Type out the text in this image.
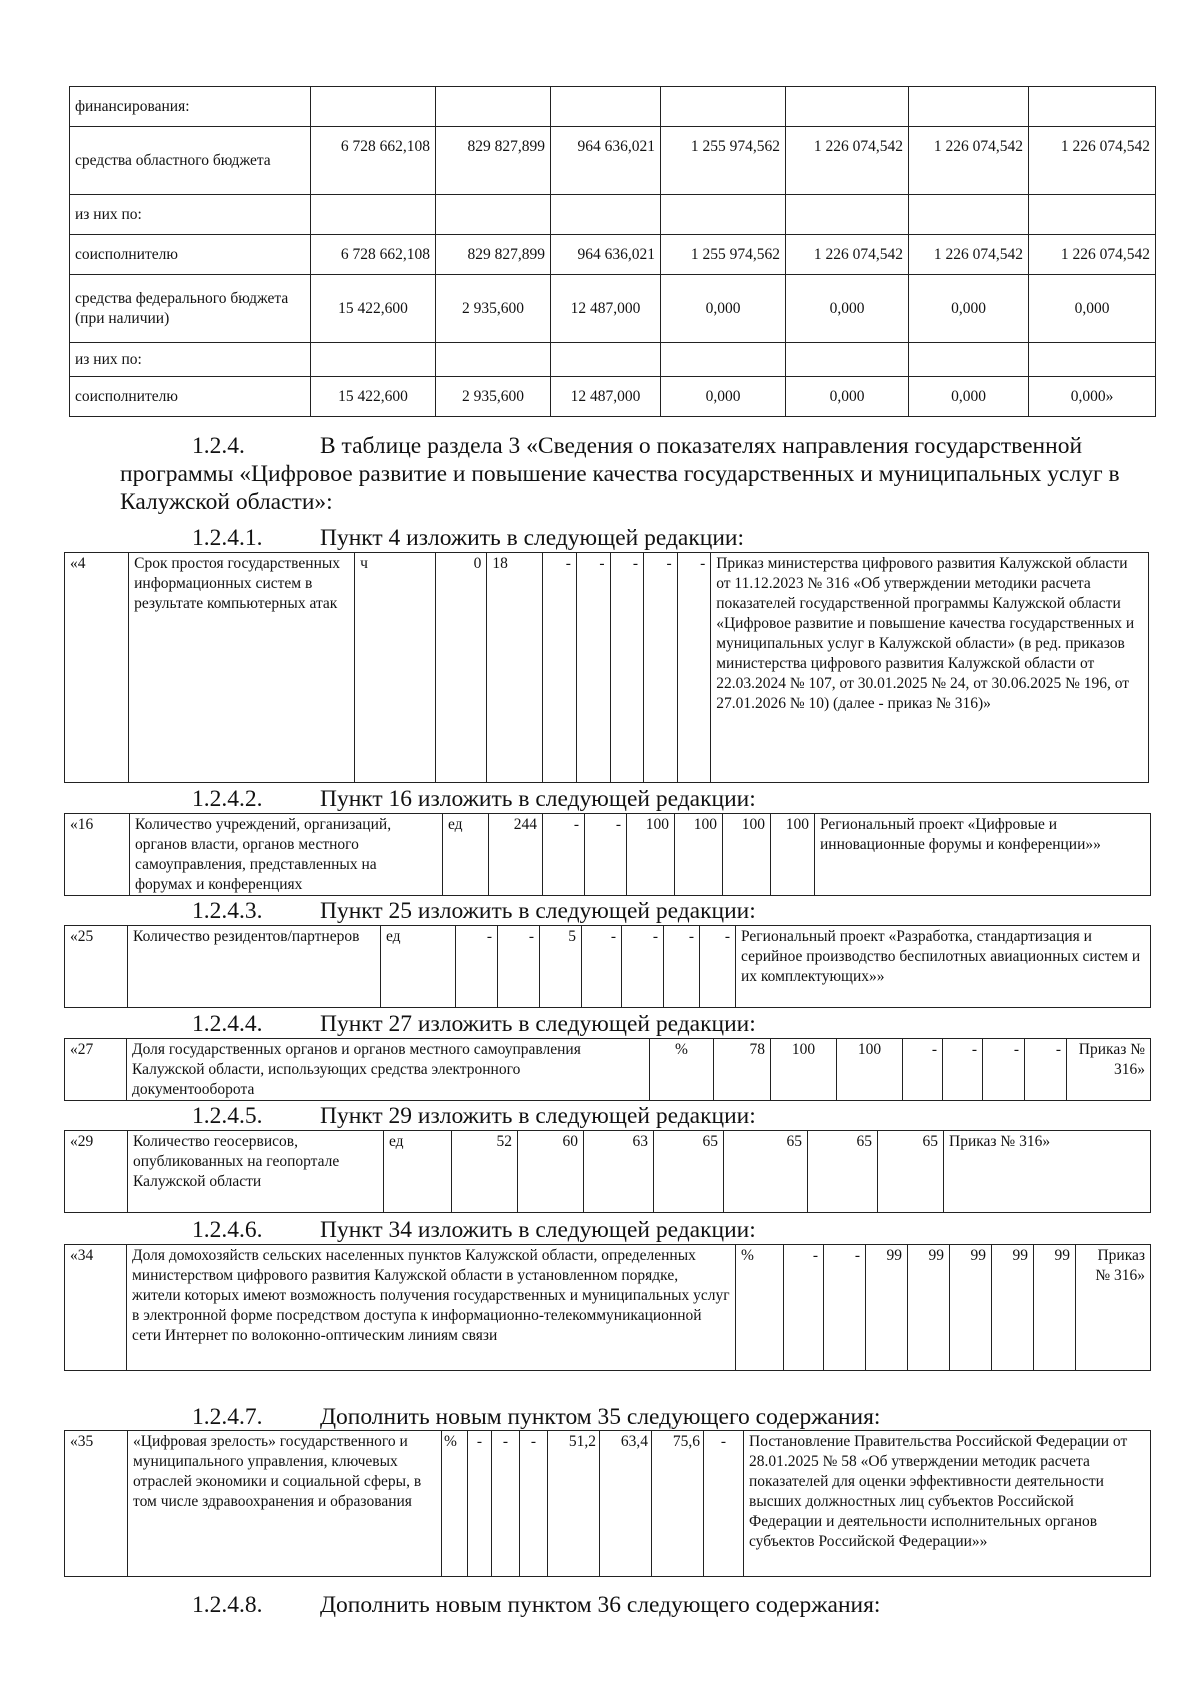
финансирования:							
средства областного бюджета	6 728 662,108	829 827,899	964 636,021	1 255 974,562	1 226 074,542	1 226 074,542	1 226 074,542
из них по:							
соисполнителю	6 728 662,108	829 827,899	964 636,021	1 255 974,562	1 226 074,542	1 226 074,542	1 226 074,542
средства федерального бюджета (при наличии)	15 422,600	2 935,600	12 487,000	0,000	0,000	0,000	0,000
из них по:							
соисполнителю	15 422,600	2 935,600	12 487,000	0,000	0,000	0,000	0,000»
1.2.4.	В таблице раздела 3 «Сведения о показателях направления государственной программы «Цифровое развитие и повышение качества государственных и муниципальных услуг в Калужской области»:
1.2.4.1. Пункт 4 изложить в следующей редакции:
«4	Срок простоя государственных информационных систем в результате компьютерных атак	ч	0	18	-	-	-	-	-	Приказ министерства цифрового развития Калужской области от 11.12.2023 № 316 «Об утверждении методики расчета показателей государственной программы Калужской области «Цифровое развитие и повышение качества государственных и муниципальных услуг в Калужской области» (в ред. приказов министерства цифрового развития Калужской области от 22.03.2024 № 107, от 30.01.2025 № 24, от 30.06.2025 № 196, от 27.01.2026 № 10) (далее - приказ № 316)»
1.2.4.2. Пункт 16 изложить в следующей редакции:
«16	Количество учреждений, организаций, органов власти, органов местного самоуправления, представленных на форумах и конференциях	ед	244	-	-	100	100	100	100	Региональный проект «Цифровые и инновационные форумы и конференции»»
1.2.4.3. Пункт 25 изложить в следующей редакции:
«25	Количество резидентов/партнеров	ед	-	-	5	-	-	-	-	Региональный проект «Разработка, стандартизация и серийное производство беспилотных авиационных систем и их комплектующих»»
1.2.4.4. Пункт 27 изложить в следующей редакции:
«27	Доля государственных органов и органов местного самоуправления Калужской области, использующих средства электронного документооборота	%	78	100	100	-	-	-	-	Приказ № 316»
1.2.4.5. Пункт 29 изложить в следующей редакции:
«29	Количество геосервисов, опубликованных на геопортале Калужской области	ед	52	60	63	65	65	65	65	Приказ № 316»
1.2.4.6. Пункт 34 изложить в следующей редакции:
«34	Доля домохозяйств сельских населенных пунктов Калужской области, определенных министерством цифрового развития Калужской области в установленном порядке, жители которых имеют возможность получения государственных и муниципальных услуг в электронной форме посредством доступа к информационно-телекоммуникационной сети Интернет по волоконно-оптическим линиям связи	%	-	-	99	99	99	99	99	Приказ № 316»
1.2.4.7. Дополнить новым пунктом 35 следующего содержания:
«35	«Цифровая зрелость» государственного и муниципального управления, ключевых отраслей экономики и социальной сферы, в том числе здравоохранения и образования	%	-	-	-	51,2	63,4	75,6	-	Постановление Правительства Российской Федерации от 28.01.2025 № 58 «Об утверждении методик расчета показателей для оценки эффективности деятельности высших должностных лиц субъектов Российской Федерации и деятельности исполнительных органов субъектов Российской Федерации»»
1.2.4.8. Дополнить новым пунктом 36 следующего содержания:
